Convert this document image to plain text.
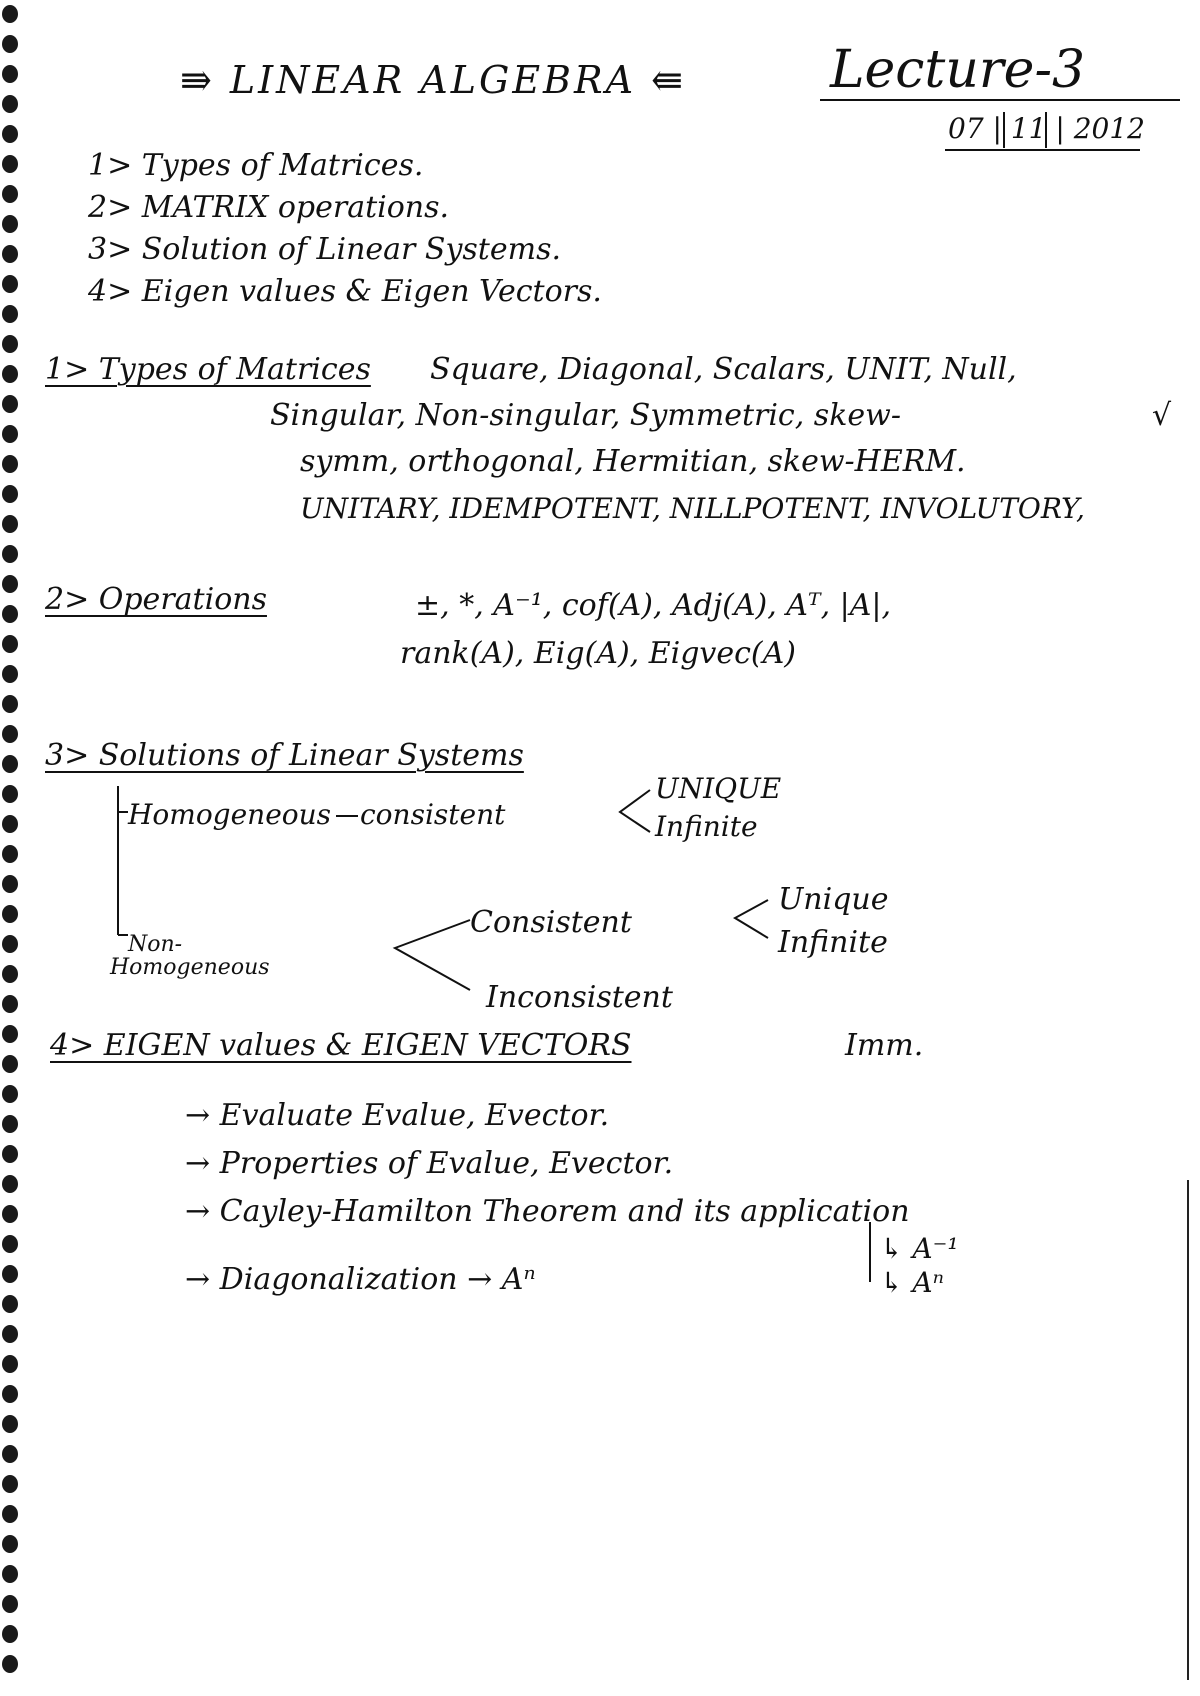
⇛ LINEAR ALGEBRA ⇚	Lecture-3
07 | 11 | 2012
1> Types of Matrices.
2> MATRIX operations.
3> Solution of Linear Systems.
4> Eigen values & Eigen Vectors.
1> Types of Matrices Square, Diagonal, Scalars, UNIT, Null,
Singular, Non-singular, Symmetric, skew-
symm, orthogonal, Hermitian, skew-HERM.
UNITARY, IDEMPOTENT, NILLPOTENT, INVOLUTORY,
√
2> Operations	±, *, A⁻¹, cof(A), Adj(A), Aᵀ, |A|,
rank(A), Eig(A), Eigvec(A)
3> Solutions of Linear Systems
Homogeneous consistent
UNIQUE
Infinite
Non-
Homogeneous
Consistent
Unique
Infinite
Inconsistent
4> EIGEN values & EIGEN VECTORS	Imm.
→ Evaluate Evalue, Evector.
→ Properties of Evalue, Evector.
→ Cayley-Hamilton Theorem and its application
→ Diagonalization → Aⁿ
↳ A⁻¹
↳ Aⁿ
